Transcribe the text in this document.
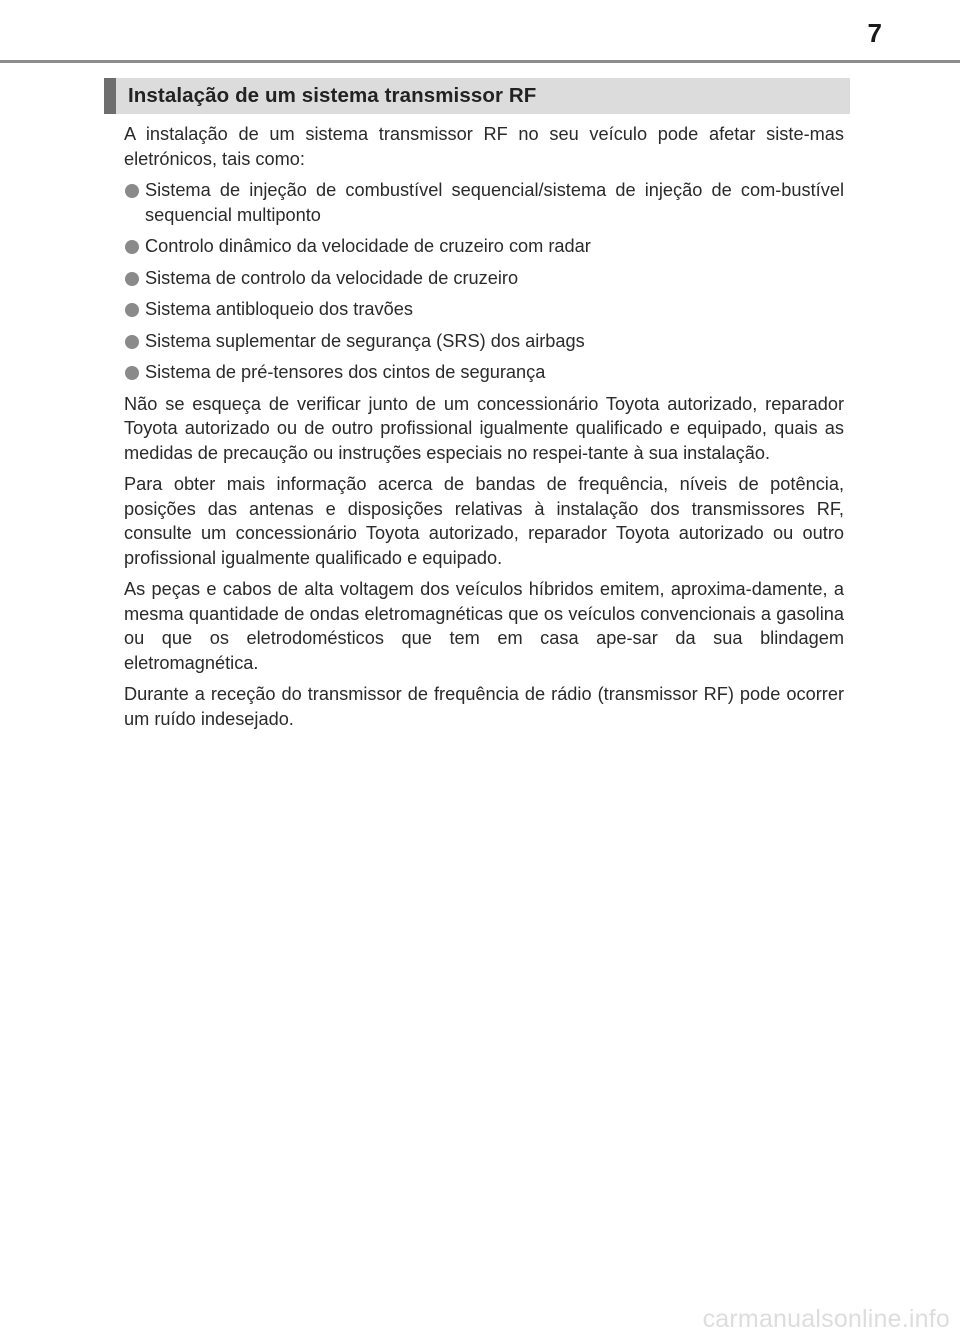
7
Instalação de um sistema transmissor RF

A instalação de um sistema transmissor RF no seu veículo pode afetar siste-mas eletrónicos, tais como:

Sistema de injeção de combustível sequencial/sistema de injeção de com-bustível sequencial multiponto
Controlo dinâmico da velocidade de cruzeiro com radar
Sistema de controlo da velocidade de cruzeiro
Sistema antibloqueio dos travões
Sistema suplementar de segurança (SRS) dos airbags
Sistema de pré-tensores dos cintos de segurança

Não se esqueça de verificar junto de um concessionário Toyota autorizado, reparador Toyota autorizado ou de outro profissional igualmente qualificado e equipado, quais as medidas de precaução ou instruções especiais no respei-tante à sua instalação.

Para obter mais informação acerca de bandas de frequência, níveis de potência, posições das antenas e disposições relativas à instalação dos transmissores RF, consulte um concessionário Toyota autorizado, reparador Toyota autorizado ou outro profissional igualmente qualificado e equipado.

As peças e cabos de alta voltagem dos veículos híbridos emitem, aproxima-damente, a mesma quantidade de ondas eletromagnéticas que os veículos convencionais a gasolina ou que os eletrodomésticos que tem em casa ape-sar da sua blindagem eletromagnética.

Durante a receção do transmissor de frequência de rádio (transmissor RF) pode ocorrer um ruído indesejado.

carmanualsonline.info
